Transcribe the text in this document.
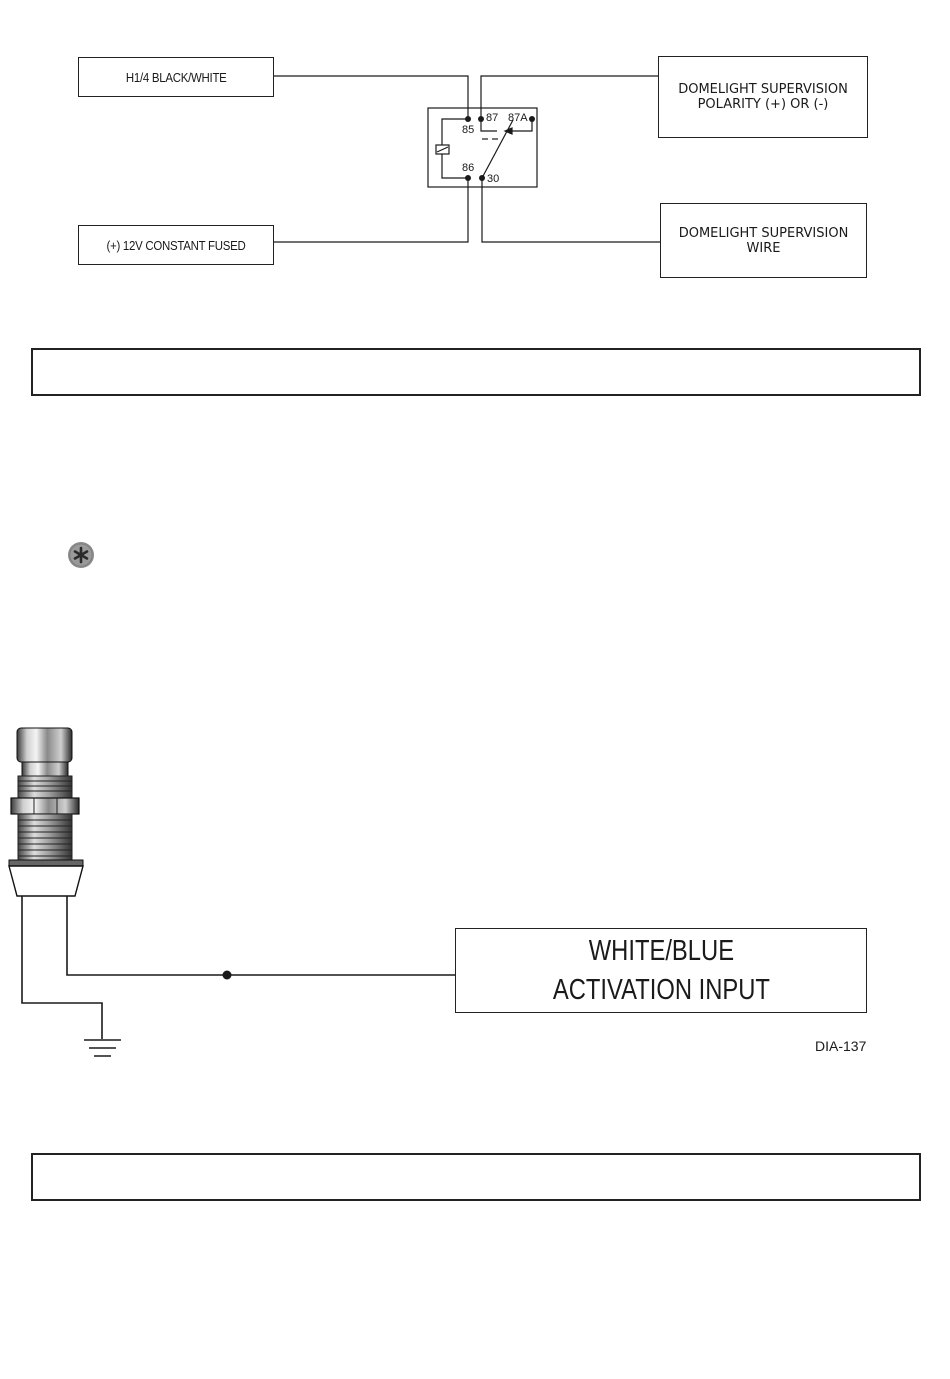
H1/4 BLACK/WHITE
(+) 12V CONSTANT FUSED
DOMELIGHT SUPERVISION
POLARITY (+) OR (-)
DOMELIGHT SUPERVISION
WIRE
85
86
87 87A
30
WHITE/BLUE
ACTIVATION INPUT
DIA-137
